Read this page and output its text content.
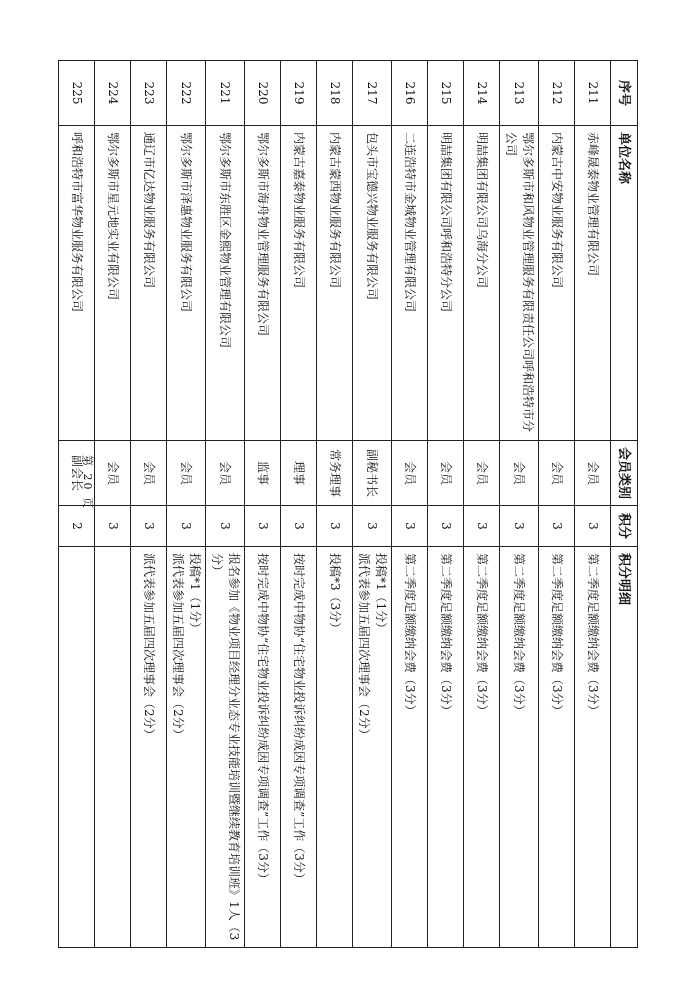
序号	单位名称	会员类别	积分	积分明细
211	赤峰晟泰物业管理有限公司	会员	3	第二季度足额缴纳会费（3分）
212	内蒙古中安物业服务有限公司	会员	3	第二季度足额缴纳会费（3分）
213	鄂尔多斯市和风物业管理服务有限责任公司呼和浩特市分公司	会员	3	第二季度足额缴纳会费（3分）
214	明喆集团有限公司乌海分公司	会员	3	第二季度足额缴纳会费（3分）
215	明喆集团有限公司呼和浩特分公司	会员	3	第二季度足额缴纳会费（3分）
216	二连浩特市金城物业管理有限公司	会员	3	第二季度足额缴纳会费（3分）
217	包头市宝德兴物业服务有限公司	副秘书长	3	投稿*1（1分）
派代表参加五届四次理事会（2分）
218	内蒙古蒙西物业服务有限公司	常务理事	3	投稿*3（3分）
219	内蒙古嘉泰物业服务有限公司	理事	3	按时完成中物协“住宅物业投诉纠纷成因专项调查”工作（3分）
220	鄂尔多斯市海舟物业管理服务有限公司	监事	3	按时完成中物协“住宅物业投诉纠纷成因专项调查”工作（3分）
221	鄂尔多斯市东胜区金熙物业管理有限公司	会员	3	报名参加《物业项目经理分业态专业技能培训暨继续教育培训班》1人（3分）
222	鄂尔多斯市泽惠物业服务有限公司	会员	3	投稿*1（1分）
派代表参加五届四次理事会（2分）
223	通辽市亿达物业服务有限公司	会员	3	派代表参加五届四次理事会（2分）
224	鄂尔多斯市星元地实业有限公司	会员	3	
225	呼和浩特市富华物业服务有限公司	副会长	2	
第 20 页
